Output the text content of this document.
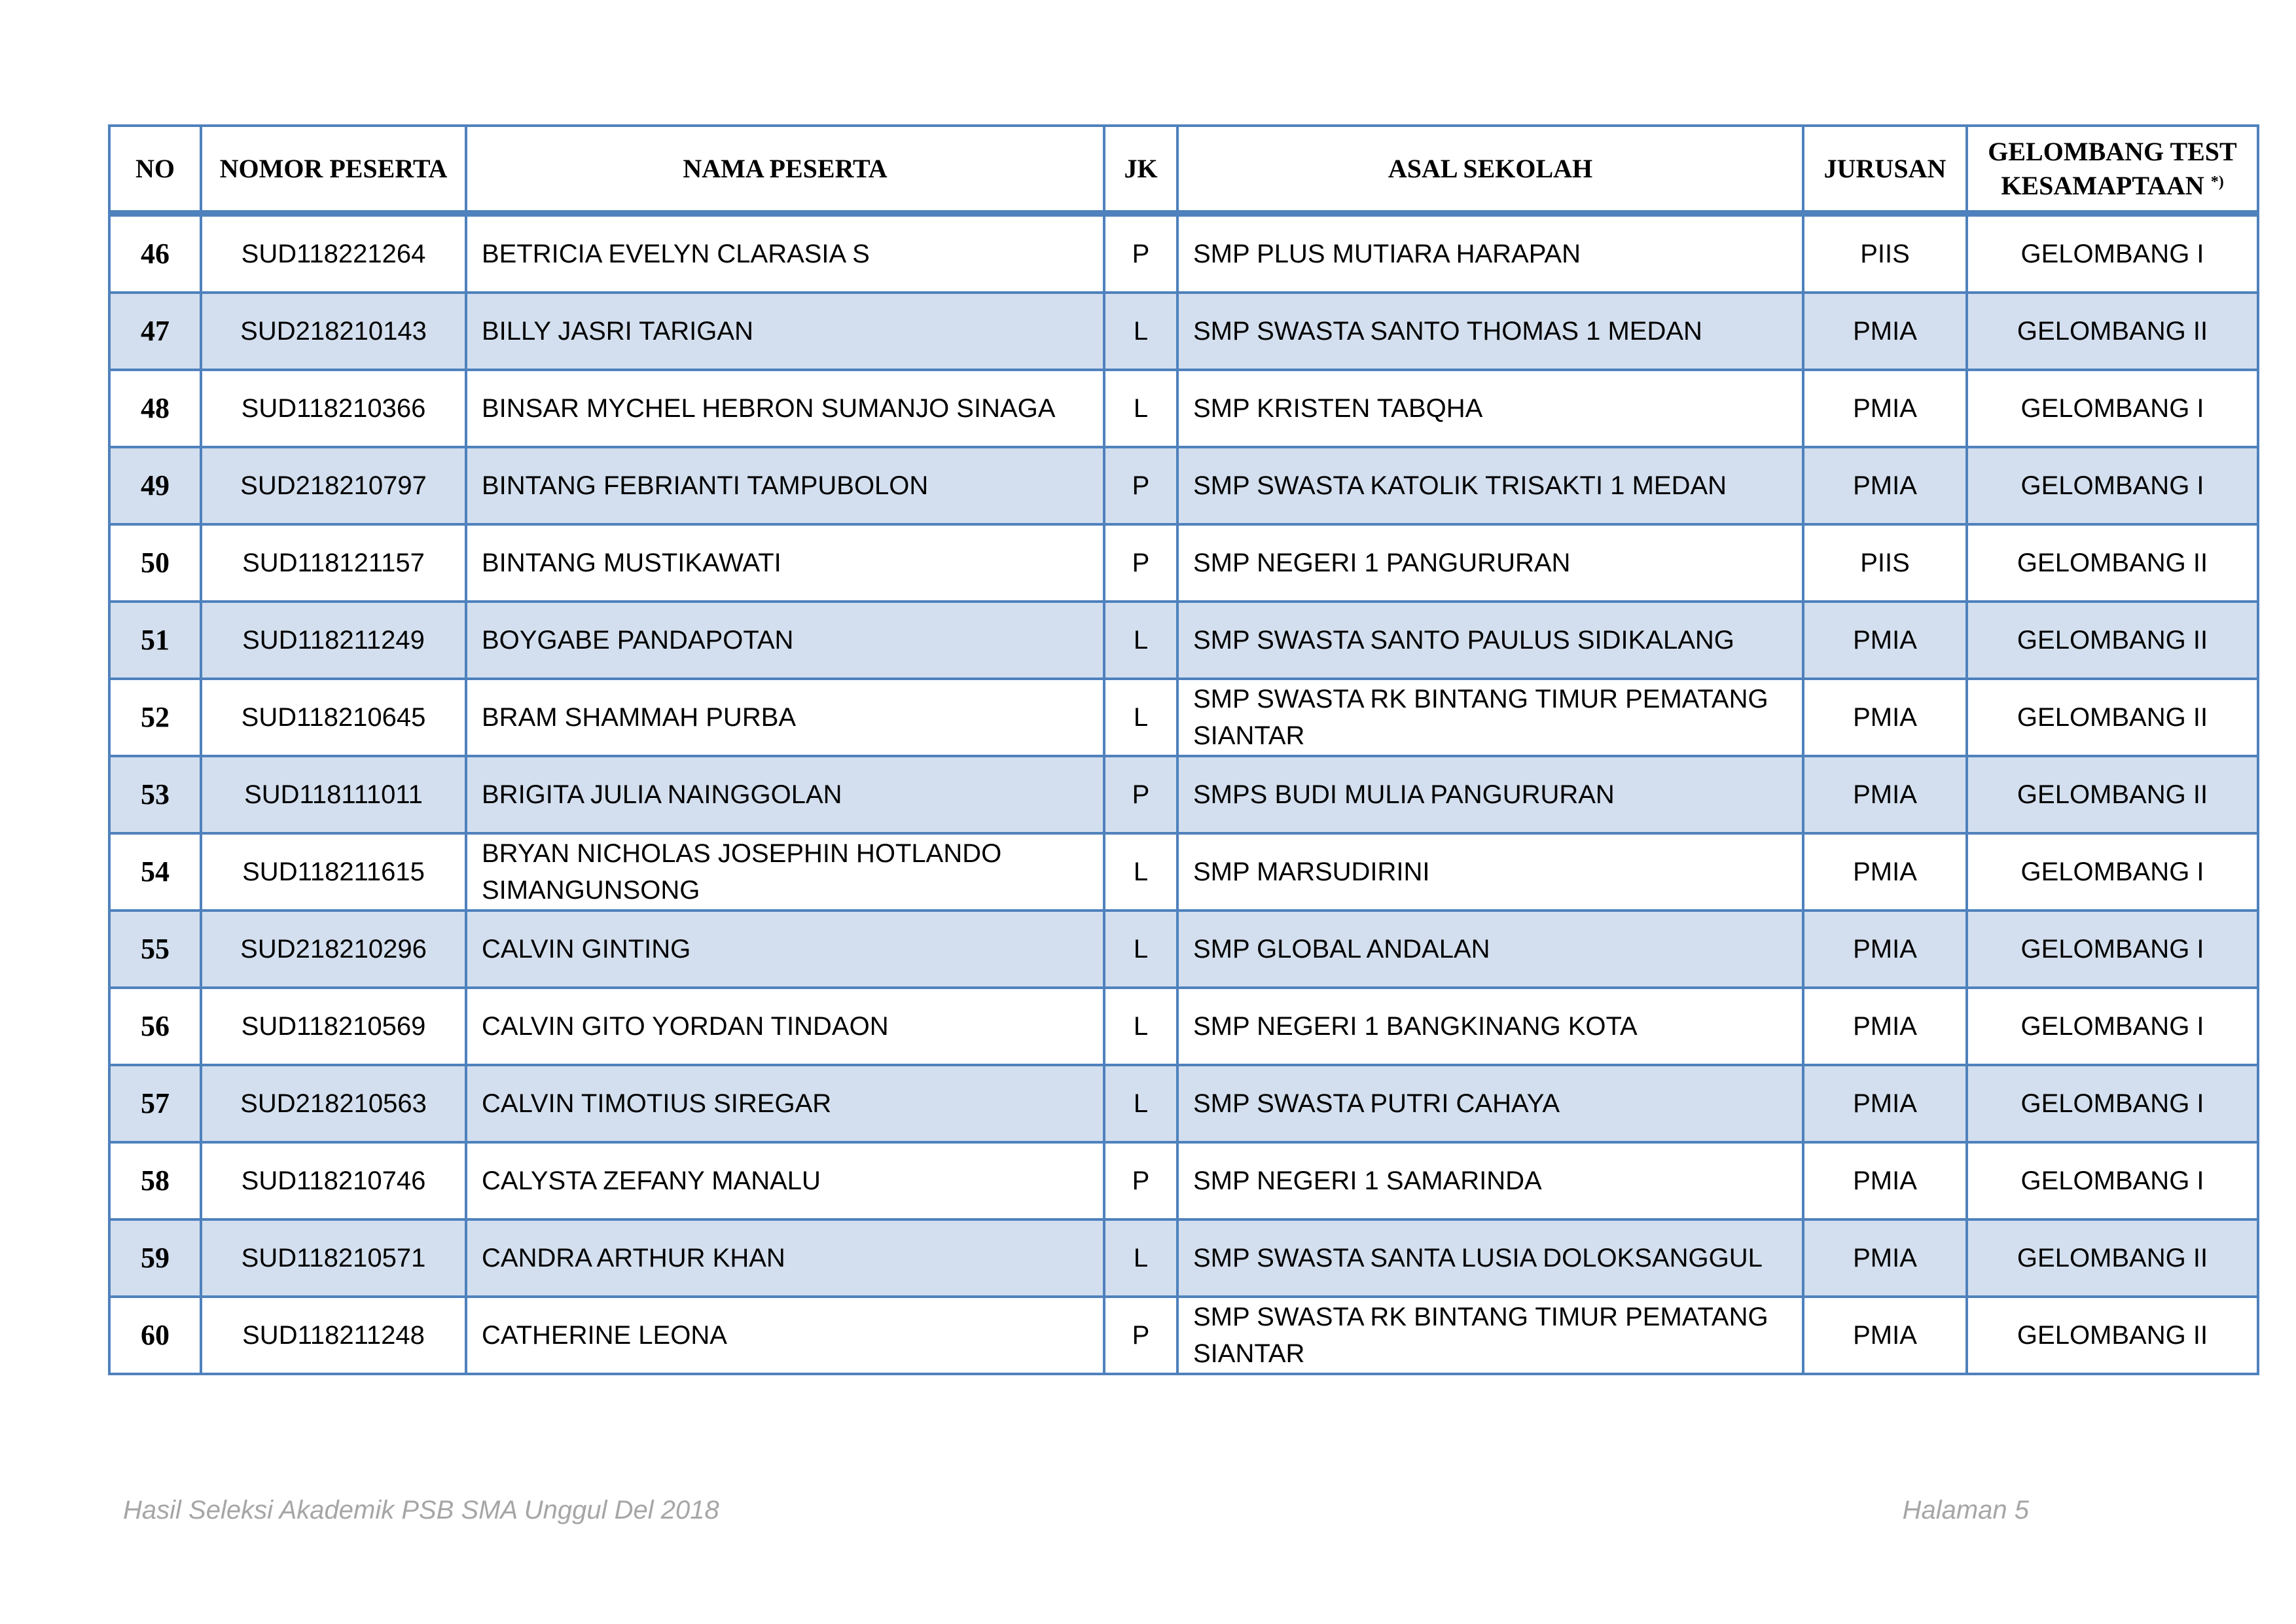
NO	NOMOR PESERTA	NAMA PESERTA	JK	ASAL SEKOLAH	JURUSAN	GELOMBANG TEST KESAMAPTAAN *)
46	SUD118221264	BETRICIA EVELYN CLARASIA S	P	SMP PLUS MUTIARA HARAPAN	PIIS	GELOMBANG I
47	SUD218210143	BILLY JASRI TARIGAN	L	SMP SWASTA SANTO THOMAS 1 MEDAN	PMIA	GELOMBANG II
48	SUD118210366	BINSAR MYCHEL HEBRON SUMANJO SINAGA	L	SMP KRISTEN TABQHA	PMIA	GELOMBANG I
49	SUD218210797	BINTANG FEBRIANTI TAMPUBOLON	P	SMP SWASTA KATOLIK TRISAKTI 1 MEDAN	PMIA	GELOMBANG I
50	SUD118121157	BINTANG MUSTIKAWATI	P	SMP NEGERI 1 PANGURURAN	PIIS	GELOMBANG II
51	SUD118211249	BOYGABE PANDAPOTAN	L	SMP SWASTA SANTO PAULUS SIDIKALANG	PMIA	GELOMBANG II
52	SUD118210645	BRAM SHAMMAH PURBA	L	SMP SWASTA RK BINTANG TIMUR PEMATANG SIANTAR	PMIA	GELOMBANG II
53	SUD118111011	BRIGITA JULIA NAINGGOLAN	P	SMPS BUDI MULIA PANGURURAN	PMIA	GELOMBANG II
54	SUD118211615	BRYAN NICHOLAS JOSEPHIN HOTLANDO SIMANGUNSONG	L	SMP MARSUDIRINI	PMIA	GELOMBANG I
55	SUD218210296	CALVIN GINTING	L	SMP GLOBAL ANDALAN	PMIA	GELOMBANG I
56	SUD118210569	CALVIN GITO YORDAN TINDAON	L	SMP NEGERI 1 BANGKINANG KOTA	PMIA	GELOMBANG I
57	SUD218210563	CALVIN TIMOTIUS SIREGAR	L	SMP SWASTA PUTRI CAHAYA	PMIA	GELOMBANG I
58	SUD118210746	CALYSTA ZEFANY MANALU	P	SMP NEGERI 1 SAMARINDA	PMIA	GELOMBANG I
59	SUD118210571	CANDRA ARTHUR KHAN	L	SMP SWASTA SANTA LUSIA DOLOKSANGGUL	PMIA	GELOMBANG II
60	SUD118211248	CATHERINE LEONA	P	SMP SWASTA RK BINTANG TIMUR PEMATANG SIANTAR	PMIA	GELOMBANG II
Hasil Seleksi Akademik PSB SMA Unggul Del 2018	Halaman 5
